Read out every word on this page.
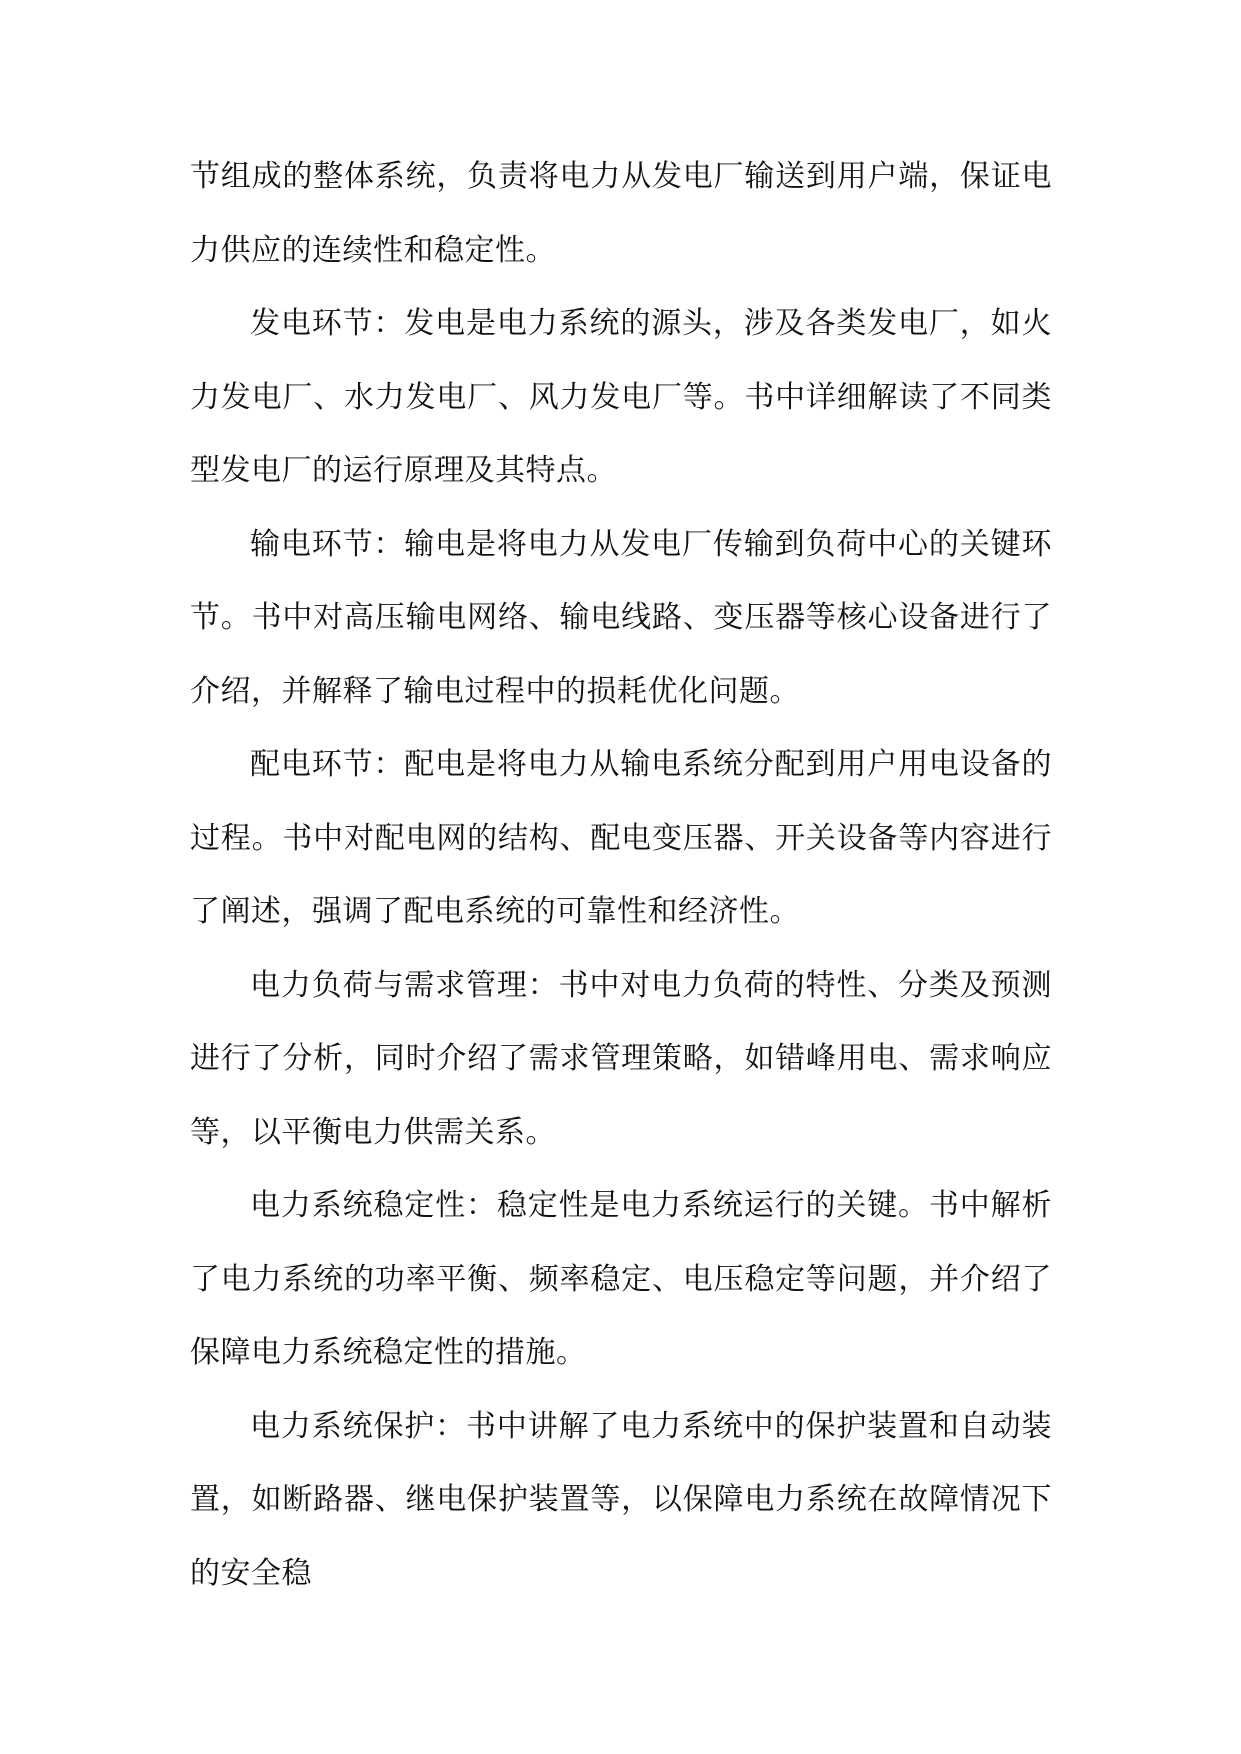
节组成的整体系统，负责将电力从发电厂输送到用户端，保证电力供应的连续性和稳定性。

发电环节：发电是电力系统的源头，涉及各类发电厂，如火力发电厂、水力发电厂、风力发电厂等。书中详细解读了不同类型发电厂的运行原理及其特点。

输电环节：输电是将电力从发电厂传输到负荷中心的关键环节。书中对高压输电网络、输电线路、变压器等核心设备进行了介绍，并解释了输电过程中的损耗优化问题。

配电环节：配电是将电力从输电系统分配到用户用电设备的过程。书中对配电网的结构、配电变压器、开关设备等内容进行了阐述，强调了配电系统的可靠性和经济性。

电力负荷与需求管理：书中对电力负荷的特性、分类及预测进行了分析，同时介绍了需求管理策略，如错峰用电、需求响应等，以平衡电力供需关系。

电力系统稳定性：稳定性是电力系统运行的关键。书中解析了电力系统的功率平衡、频率稳定、电压稳定等问题，并介绍了保障电力系统稳定性的措施。

电力系统保护：书中讲解了电力系统中的保护装置和自动装置，如断路器、继电保护装置等，以保障电力系统在故障情况下的安全稳
